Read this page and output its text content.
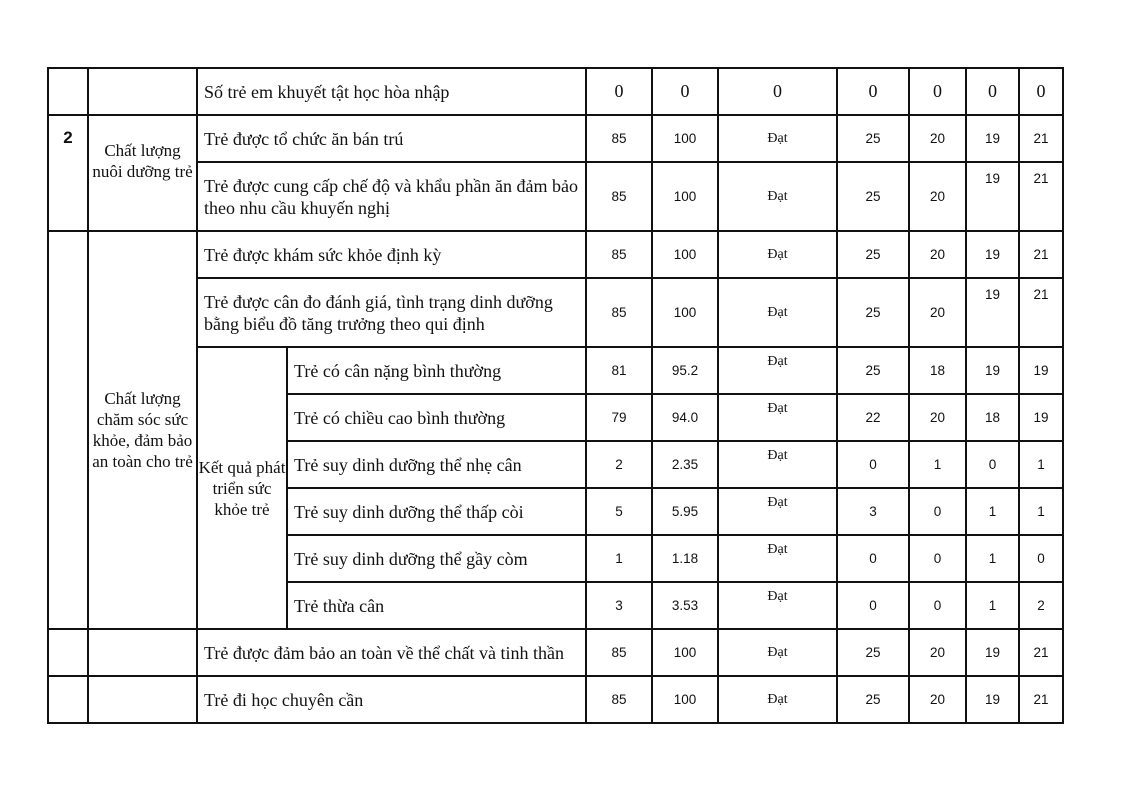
		Số trẻ em khuyết tật học hòa nhập		0	0	0	0	0	0	0
2	Chất lượng nuôi dưỡng trẻ	Trẻ được tổ chức ăn bán trú		85	100	Đạt	25	20	19	21
		Trẻ được cung cấp chế độ và khẩu phần ăn đảm bảo theo nhu cầu khuyến nghị		85	100	Đạt	25	20	19	21
	Chất lượng chăm sóc sức khỏe, đảm bảo an toàn cho trẻ	Trẻ được khám sức khỏe định kỳ		85	100	Đạt	25	20	19	21
		Trẻ được cân đo đánh giá, tình trạng dinh dưỡng bằng biểu đồ tăng trưởng theo qui định		85	100	Đạt	25	20	19	21
		Kết quả phát triển sức khỏe trẻ	Trẻ có cân nặng bình thường	81	95.2	Đạt	25	18	19	19
			Trẻ có chiều cao bình thường	79	94.0	Đạt	22	20	18	19
			Trẻ suy dinh dưỡng thể nhẹ cân	2	2.35	Đạt	0	1	0	1
			Trẻ suy dinh dưỡng thể thấp còi	5	5.95	Đạt	3	0	1	1
			Trẻ suy dinh dưỡng thể gầy còm	1	1.18	Đạt	0	0	1	0
			Trẻ thừa cân	3	3.53	Đạt	0	0	1	2
		Trẻ được đảm bảo an toàn về thể chất và tinh thần		85	100	Đạt	25	20	19	21
		Trẻ đi học chuyên cần		85	100	Đạt	25	20	19	21
